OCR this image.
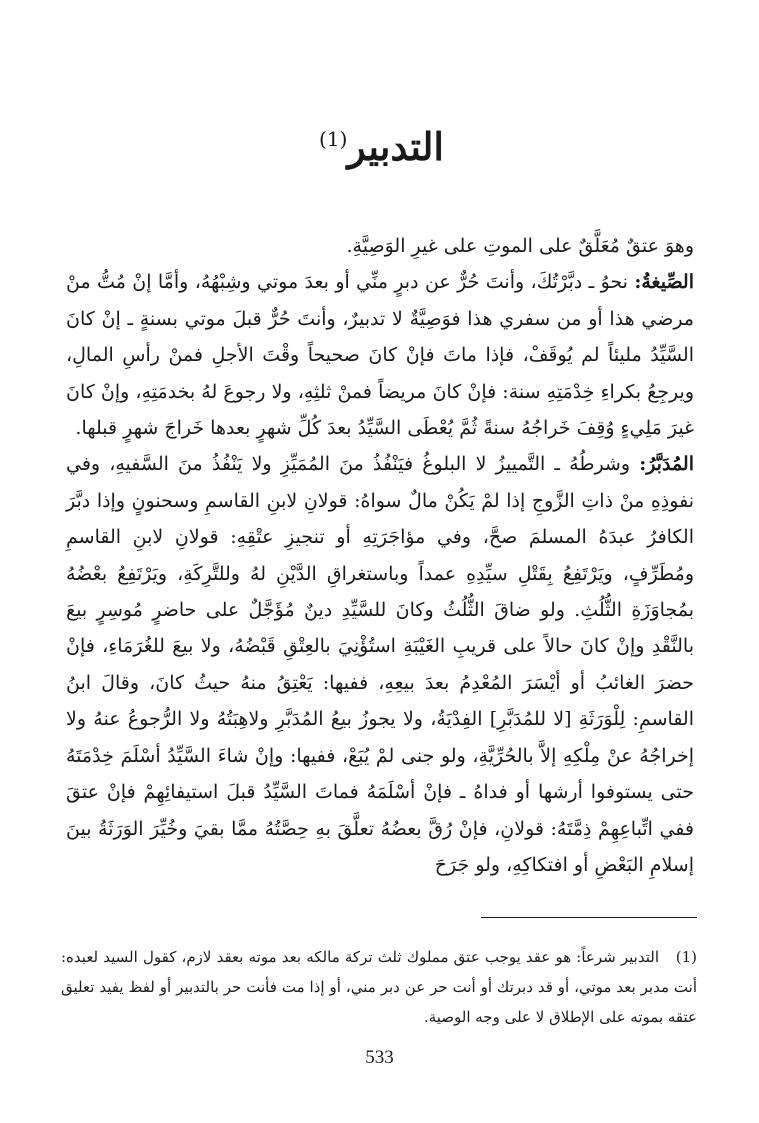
التدبير$^{(1)}$

وهوَ عتقٌ مُعَلَّقٌ على الموتِ على غيرِ الوَصِيَّةِ.

الصِّيغةُ: نحوُ ـ دبَّرْتُكَ، وأنتَ حُرٌّ عن دبرٍ منِّي أو بعدَ موتي وشِبْهُهُ، وأمَّا إنْ مُتُّ منْ مرضي هذا أو من سفري هذا فوَصِيَّةٌ لا تدبيرٌ، وأنتَ حُرٌّ قبلَ موتي بسنةٍ ـ إنْ كانَ السَّيِّدُ مليئاً لم يُوقَفْ، فإذا ماتَ فإنْ كانَ صحيحاً وقْتَ الأجلِ فمنْ رأسِ المالِ، ويرجِعُ بكراءِ خِدْمَتِهِ سنة: فإنْ كانَ مريضاً فمنْ ثلثِهِ، ولا رجوعَ لهُ بخدمَتِهِ، وإنْ كانَ غيرَ مَلِيءٍ وُقِفَ خَراجُهُ سنةً ثُمَّ يُعْطَى السَّيِّدُ بعدَ كُلِّ شهرٍ بعدها خَراجَ شهرٍ قبلها.

المُدَبَّرُ: وشرطُهُ ـ التَّمييزُ لا البلوغُ فيَنْفُذُ منَ المُمَيِّزِ ولا يَنْفُذُ منَ السَّفيهِ، وفي نفوذِهِ منْ ذاتِ الزَّوجِ إذا لمْ يَكُنْ مالٌ سواهُ: قولانِ لابنِ القاسمِ وسحنونٍ وإذا دبَّرَ الكافرُ عبدَهُ المسلمَ صحَّ، وفي مؤاجَرَتِهِ أو تنجيزِ عتْقِهِ: قولانِ لابنِ القاسمِ ومُطَرِّفٍ، ويَرْتَفِعُ بِقَتْلِ سيِّدِهِ عمداً وباستغراقِ الدَّيْنِ لهُ وللتَّرِكَةِ، ويَرْتَفِعُ بعْضُهُ بمُجاوَزَةِ الثُّلُثِ. ولو ضاقَ الثُّلُثُ وكانَ للسَّيِّدِ دينٌ مُؤَجَّلٌ على حاضرٍ مُوسِرٍ بيعَ بالنَّقْدِ وإنْ كانَ حالاً على قريبِ الغَيْبَةِ استُؤْنِيَ بالعِتْقِ قَبْضُهُ، ولا بيعَ للغُرَمَاءِ، فإنْ حضرَ الغائبُ أو أيْسَرَ المُعْدِمُ بعدَ بيعِهِ، ففيها: يَعْتِقُ منهُ حيثُ كانَ، وقالَ ابنُ القاسمِ: لِلْوَرَثَةِ [لا للمُدَبَّرِ] الفِدْيَةُ، ولا يجوزُ بيعُ المُدَبَّرِ ولاهِبَتُهُ ولا الرُّجوعُ عنهُ ولا إخراجُهُ عنْ مِلْكِهِ إلاَّ بالحُرِّيَّةِ، ولو جنى لمْ يُبَعْ، ففيها: وإنْ شاءَ السَّيِّدُ أسْلَمَ خِدْمَتَهُ حتى يستوفوا أرشها أو فداهُ ـ فإنْ أسْلَمَهُ فماتَ السَّيِّدُ قبلَ استيفائِهِمْ فإنْ عتقَ ففي اتِّباعِهِمْ ذِمَّتَهُ: قولانِ، فإنْ رُقَّ بعضُهُ تعلَّقَ بهِ حِصَّتُهُ ممَّا بقيَ وخُيِّرَ الوَرَثَةُ بينَ إسلامِ البَعْضِ أو افتكاكِهِ، ولو جَرَحَ

(1)التدبير شرعاً: هو عقد يوجب عتق مملوك ثلث تركة مالكه بعد موته بعقد لازم، كقول السيد لعبده: أنت مدبر بعد موتي، أو قد دبرتك أو أنت حر عن دبر مني، أو إذا مت فأنت حر بالتدبير أو لفظ يفيد تعليق عتقه بموته على الإطلاق لا على وجه الوصية.
533
